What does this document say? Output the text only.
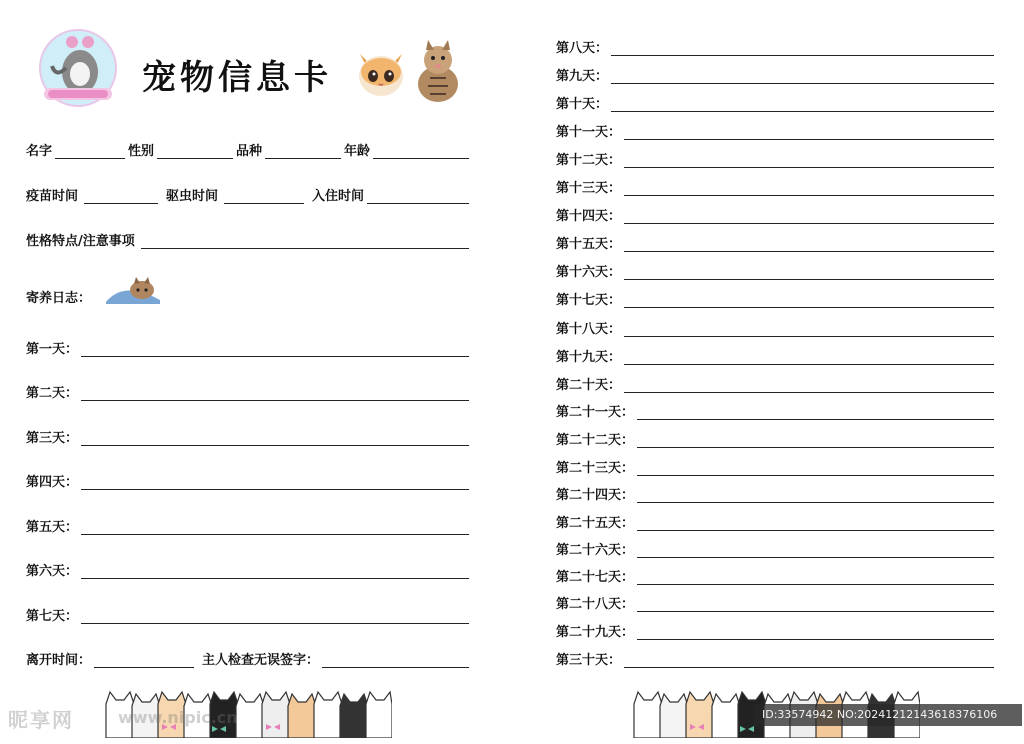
宠物信息卡
名字	性别	品种	年龄
疫苗时间	驱虫时间	入住时间
性格特点/注意事项
寄养日志：
第一天 ：
第二天 ：
第三天 ：
第四天 ：
第五天 ：
第六天 ：
第七天 ：
离开时间：	主人检查无误签字：
昵享网	www.nipic.cn
第八天 ：
第九天 ：
第十天 ：
第十一天 ：
第十二天 ：
第十三天 ：
第十四天 ：
第十五天 ：
第十六天 ：
第十七天 ：
第十八天 ：
第十九天 ：
第二十天 ：
第二十一天 ：
第二十二天 ：
第二十三天 ：
第二十四天 ：
第二十五天 ：
第二十六天 ：
第二十七天 ：
第二十八天 ：
第二十九天 ：
第三十天 ：
ID:33574942 NO:20241212143618376106
